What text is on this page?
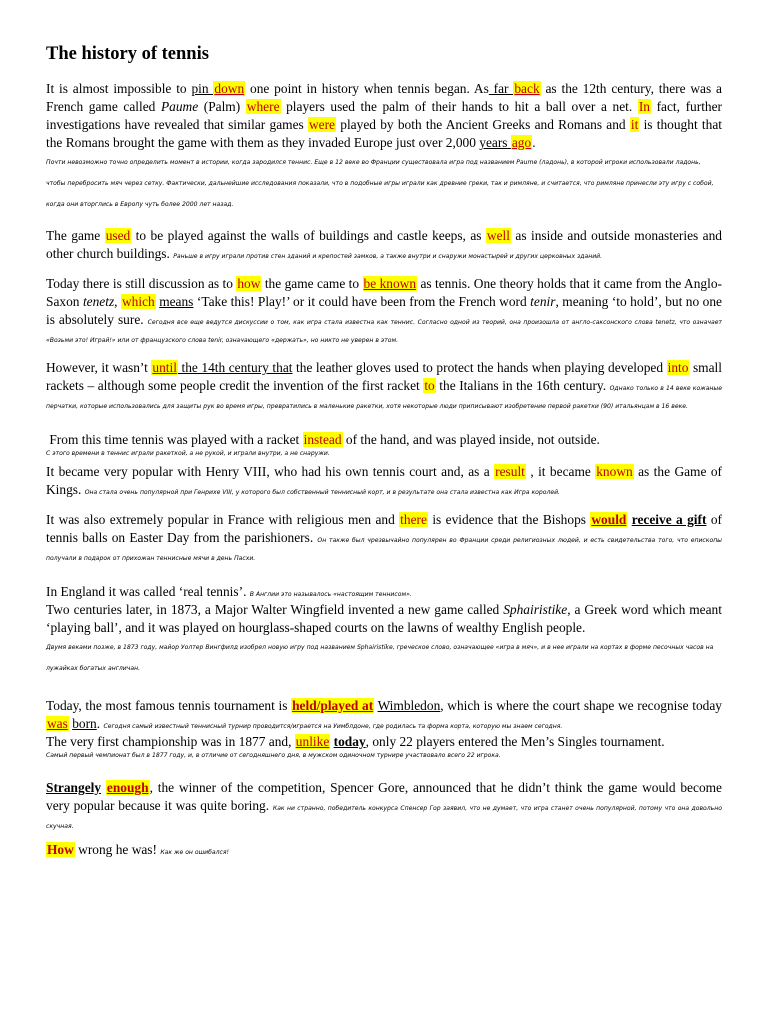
The history of tennis

It is almost impossible to pin down one point in history when tennis began. As far back as the 12th century, there was a French game called Paume (Palm) where players used the palm of their hands to hit a ball over a net. In fact, further investigations have revealed that similar games were played by both the Ancient Greeks and Romans and it is thought that the Romans brought the game with them as they invaded Europe just over 2,000 years ago.

Почти невозможно точно определить момент в истории, когда зародился теннис. Еще в 12 веке во Франции существовала игра под названием Paume (ладонь), в которой игроки использовали ладонь, чтобы перебросить мяч через сетку. Фактически, дальнейшие исследования показали, что в подобные игры играли как древние греки, так и римляне, и считается, что римляне принесли эту игру с собой, когда они вторглись в Европу чуть более 2000 лет назад.

The game used to be played against the walls of buildings and castle keeps, as well as inside and outside monasteries and other church buildings. Раньше в игру играли против стен зданий и крепостей замков, а также внутри и снаружи монастырей и других церковных зданий.

Today there is still discussion as to how the game came to be known as tennis. One theory holds that it came from the Anglo-Saxon tenetz, which means ‘Take this! Play!’ or it could have been from the French word tenir, meaning ‘to hold’, but no one is absolutely sure. Сегодня все еще ведутся дискуссии о том, как игра стала известна как теннис. Согласно одной из теорий, она произошла от англо-саксонского слова tenetz, что означает «Возьми это! Играй!» или от французского слова tenir, означающего «держать», но никто не уверен в этом.

However, it wasn’t until the 14th century that the leather gloves used to protect the hands when playing developed into small rackets – although some people credit the invention of the first racket to the Italians in the 16th century. Однако только в 14 веке кожаные перчатки, которые использовались для защиты рук во время игры, превратились в маленькие ракетки, хотя некоторые люди приписывают изобретение первой ракетки (90) итальянцам в 16 веке.

From this time tennis was played with a racket instead of the hand, and was played inside, not outside.

С этого времени в теннис играли ракеткой, а не рукой, и играли внутри, а не снаружи.

It became very popular with Henry VIII, who had his own tennis court and, as a result , it became known as the Game of Kings. Она стала очень популярной при Генрихе VIII, у которого был собственный теннисный корт, и в результате она стала известна как Игра королей.

It was also extremely popular in France with religious men and there is evidence that the Bishops would receive a gift of tennis balls on Easter Day from the parishioners. Он также был чрезвычайно популярен во Франции среди религиозных людей, и есть свидетельства того, что епископы получали в подарок от прихожан теннисные мячи в день Пасхи.

In England it was called ‘real tennis’. В Англии это называлось «настоящим теннисом».
Two centuries later, in 1873, a Major Walter Wingfield invented a new game called Sphairistike, a Greek word which meant ‘playing ball’, and it was played on hourglass-shaped courts on the lawns of wealthy English people.

Двумя веками позже, в 1873 году, майор Уолтер Вингфилд изобрел новую игру под названием Sphairistike, греческое слово, означающее «игра в мяч», и в нее играли на кортах в форме песочных часов на лужайках богатых англичан.

Today, the most famous tennis tournament is held/played at Wimbledon, which is where the court shape we recognise today was born. Сегодня самый известный теннисный турнир проводится/играется на Уимблдоне, где родилась та форма корта, которую мы знаем сегодня.
The very first championship was in 1877 and, unlike today, only 22 players entered the Men’s Singles tournament.

Самый первый чемпионат был в 1877 году, и, в отличие от сегодняшнего дня, в мужском одиночном турнире участвовало всего 22 игрока.

Strangely enough, the winner of the competition, Spencer Gore, announced that he didn’t think the game would become very popular because it was quite boring. Как ни странно, победитель конкурса Спенсер Гор заявил, что не думает, что игра станет очень популярной, потому что она довольно скучная.

How wrong he was! Как же он ошибался!
